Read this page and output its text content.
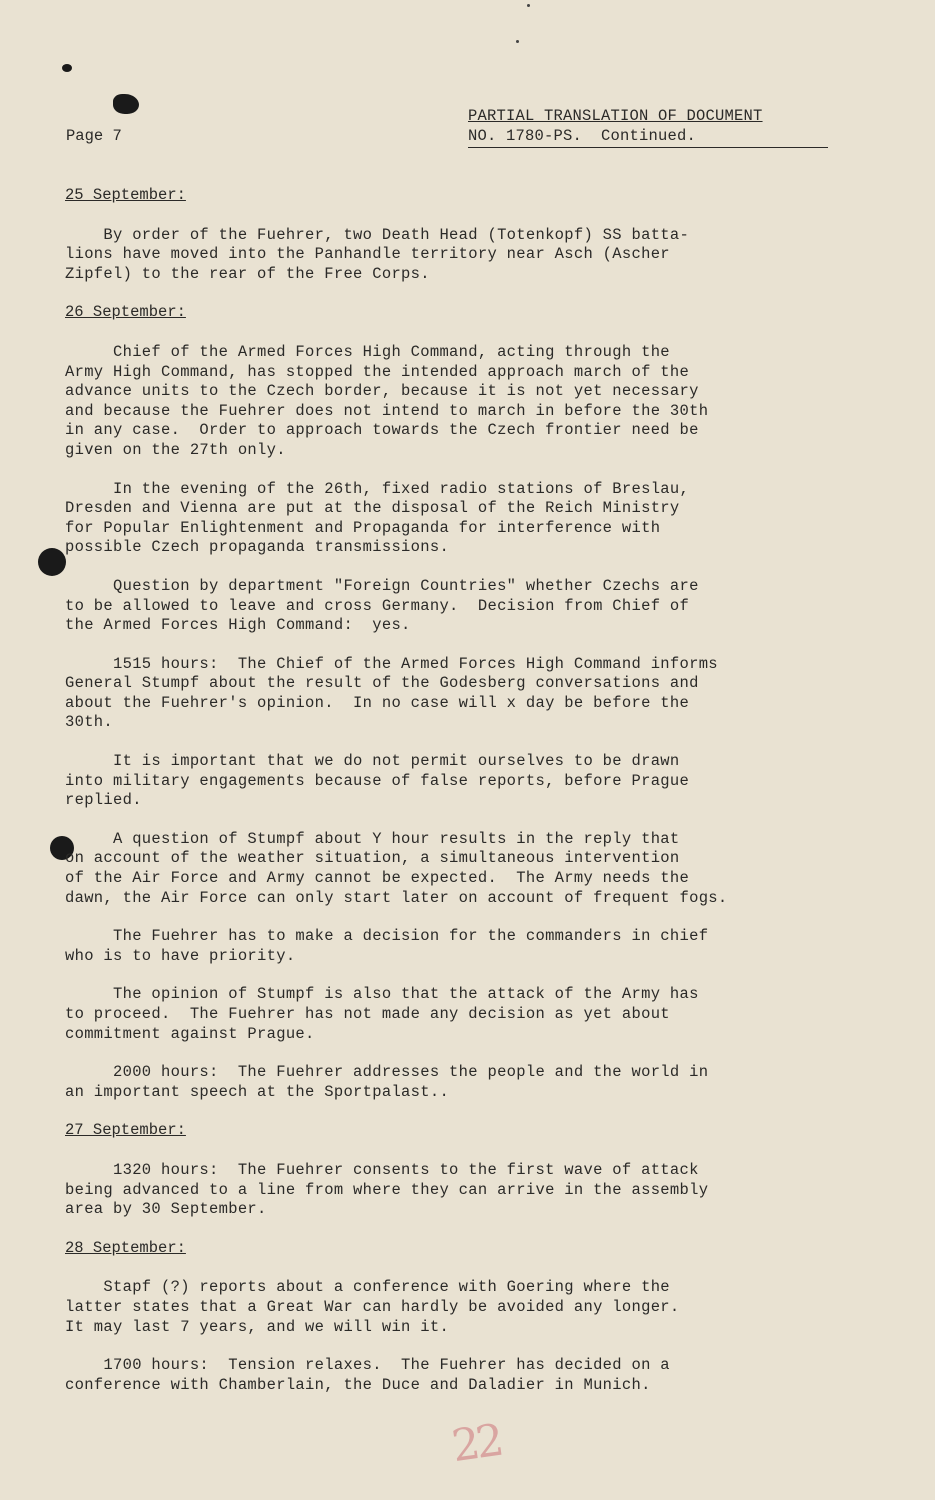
Page 7
PARTIAL TRANSLATION OF DOCUMENT
NO. 1780-PS.  Continued.
25 September:
By order of the Fuehrer, two Death Head (Totenkopf) SS batta-
lions have moved into the Panhandle territory near Asch (Ascher
Zipfel) to the rear of the Free Corps.
26 September:
Chief of the Armed Forces High Command, acting through the
Army High Command, has stopped the intended approach march of the
advance units to the Czech border, because it is not yet necessary
and because the Fuehrer does not intend to march in before the 30th
in any case.  Order to approach towards the Czech frontier need be
given on the 27th only.
In the evening of the 26th, fixed radio stations of Breslau,
Dresden and Vienna are put at the disposal of the Reich Ministry
for Popular Enlightenment and Propaganda for interference with
possible Czech propaganda transmissions.
Question by department "Foreign Countries" whether Czechs are
to be allowed to leave and cross Germany.  Decision from Chief of
the Armed Forces High Command:  yes.
1515 hours:  The Chief of the Armed Forces High Command informs
General Stumpf about the result of the Godesberg conversations and
about the Fuehrer's opinion.  In no case will x day be before the
30th.
It is important that we do not permit ourselves to be drawn
into military engagements because of false reports, before Prague
replied.
A question of Stumpf about Y hour results in the reply that
on account of the weather situation, a simultaneous intervention
of the Air Force and Army cannot be expected.  The Army needs the
dawn, the Air Force can only start later on account of frequent fogs.
The Fuehrer has to make a decision for the commanders in chief
who is to have priority.
The opinion of Stumpf is also that the attack of the Army has
to proceed.  The Fuehrer has not made any decision as yet about
commitment against Prague.
2000 hours:  The Fuehrer addresses the people and the world in
an important speech at the Sportpalast..
27 September:
1320 hours:  The Fuehrer consents to the first wave of attack
being advanced to a line from where they can arrive in the assembly
area by 30 September.
28 September:
Stapf (?) reports about a conference with Goering where the
latter states that a Great War can hardly be avoided any longer.
It may last 7 years, and we will win it.
1700 hours:  Tension relaxes.  The Fuehrer has decided on a
conference with Chamberlain, the Duce and Daladier in Munich.
22
